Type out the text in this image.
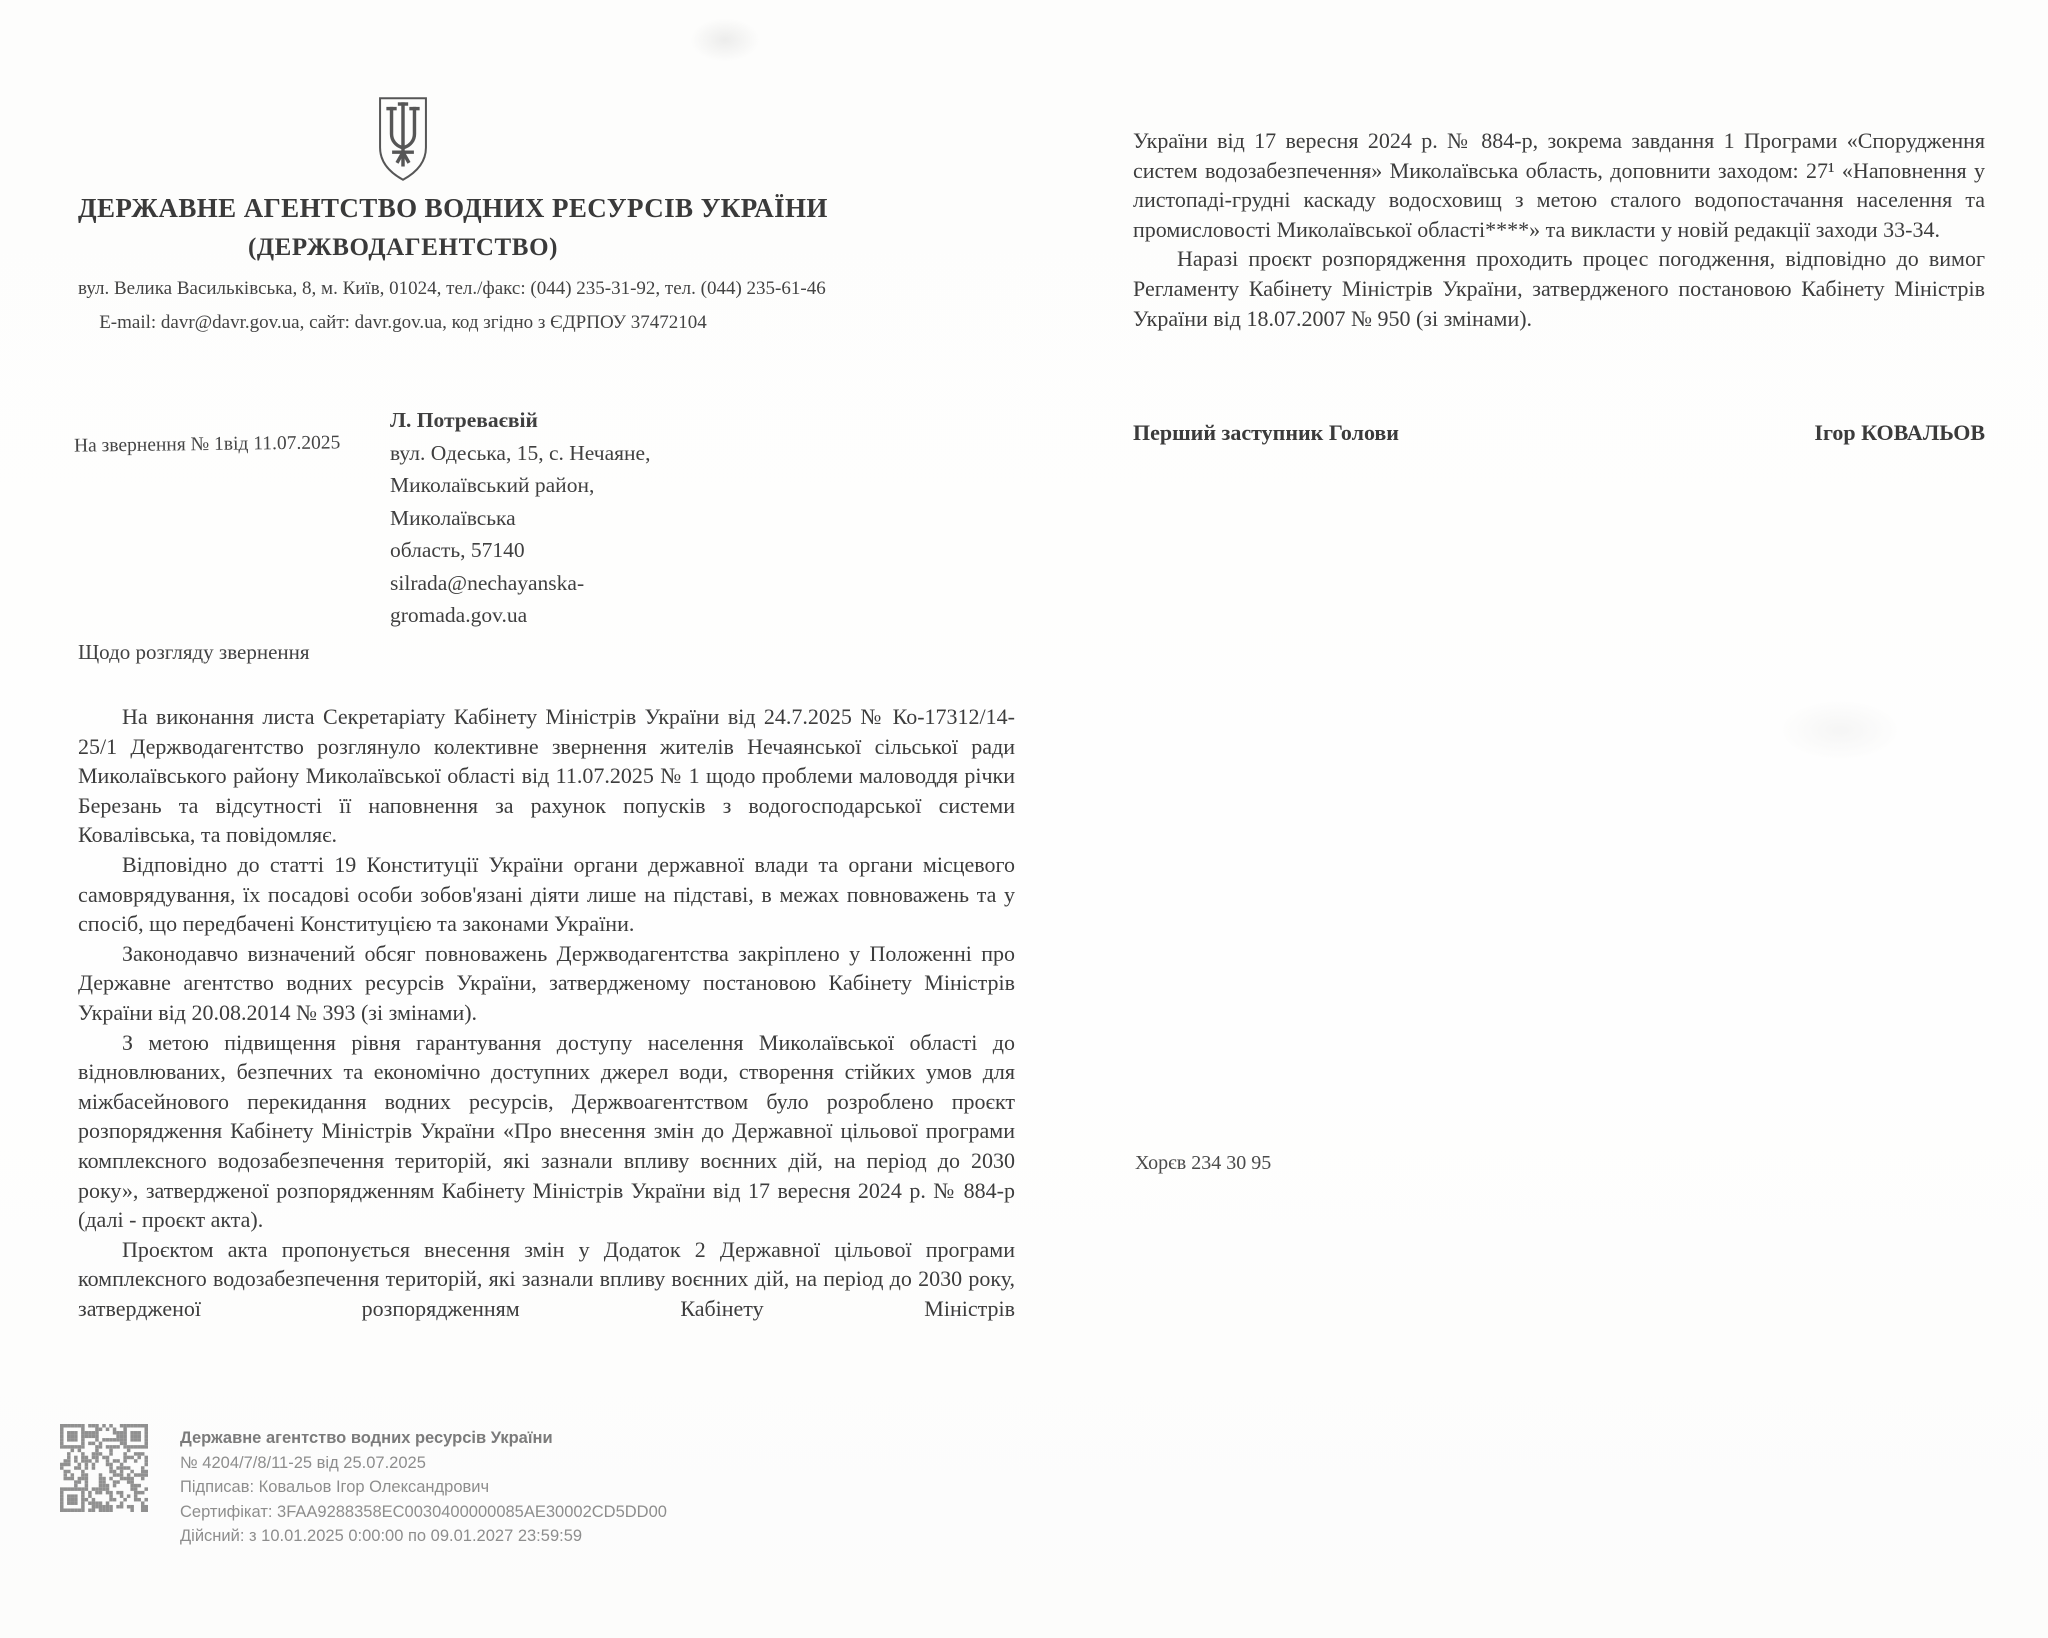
ДЕРЖАВНЕ АГЕНТСТВО ВОДНИХ РЕСУРСІВ УКРАЇНИ
(ДЕРЖВОДАГЕНТСТВО)
вул. Велика Васильківська, 8, м. Київ, 01024, тел./факс: (044) 235-31-92, тел. (044) 235-61-46
E-mail: davr@davr.gov.ua, сайт: davr.gov.ua, код згідно з ЄДРПОУ 37472104
На звернення № 1від 11.07.2025
Л. Потреваєвій
вул. Одеська, 15, с. Нечаяне,
Миколаївський район, Миколаївська
область, 57140
silrada@nechayanska-gromada.gov.ua
Щодо розгляду звернення

На виконання листа Секретаріату Кабінету Міністрів України від 24.7.2025 № Ко-17312/14-25/1 Держводагентство розглянуло колективне звернення жителів Нечаянської сільської ради Миколаївського району Миколаївської області від 11.07.2025 № 1 щодо проблеми маловоддя річки Березань та відсутності її наповнення за рахунок попусків з водогосподарської системи Ковалівська, та повідомляє.

Відповідно до статті 19 Конституції України органи державної влади та органи місцевого самоврядування, їх посадові особи зобов'язані діяти лише на підставі, в межах повноважень та у спосіб, що передбачені Конституцією та законами України.

Законодавчо визначений обсяг повноважень Держводагентства закріплено у Положенні про Державне агентство водних ресурсів України, затвердженому постановою Кабінету Міністрів України від 20.08.2014 № 393 (зі змінами).

З метою підвищення рівня гарантування доступу населення Миколаївської області до відновлюваних, безпечних та економічно доступних джерел води, створення стійких умов для міжбасейнового перекидання водних ресурсів, Держвоагентством було розроблено проєкт розпорядження Кабінету Міністрів України «Про внесення змін до Державної цільової програми комплексного водозабезпечення територій, які зазнали впливу воєнних дій, на період до 2030 року», затвердженої розпорядженням Кабінету Міністрів України від 17 вересня 2024 р. № 884-р (далі - проєкт акта).

Проєктом акта пропонується внесення змін у Додаток 2 Державної цільової програми комплексного водозабезпечення територій, які зазнали впливу воєнних дій, на період до 2030 року, затвердженої розпорядженням Кабінету Міністрів

України від 17 вересня 2024 р. № 884-р, зокрема завдання 1 Програми «Спорудження систем водозабезпечення» Миколаївська область, доповнити заходом: 27¹ «Наповнення у листопаді-грудні каскаду водосховищ з метою сталого водопостачання населення та промисловості Миколаївської області****» та викласти у новій редакції заходи 33-34.

Наразі проєкт розпорядження проходить процес погодження, відповідно до вимог Регламенту Кабінету Міністрів України, затвердженого постановою Кабінету Міністрів України від 18.07.2007 № 950 (зі змінами).

Перший заступник Голови	Ігор КОВАЛЬОВ
Хорєв 234 30 95
Державне агентство водних ресурсів України
№ 4204/7/8/11-25 від 25.07.2025
Підписав: Ковальов Ігор Олександрович
Сертифікат: 3FAA9288358EC0030400000085AE30002CD5DD00
Дійсний: з 10.01.2025 0:00:00 по 09.01.2027 23:59:59
